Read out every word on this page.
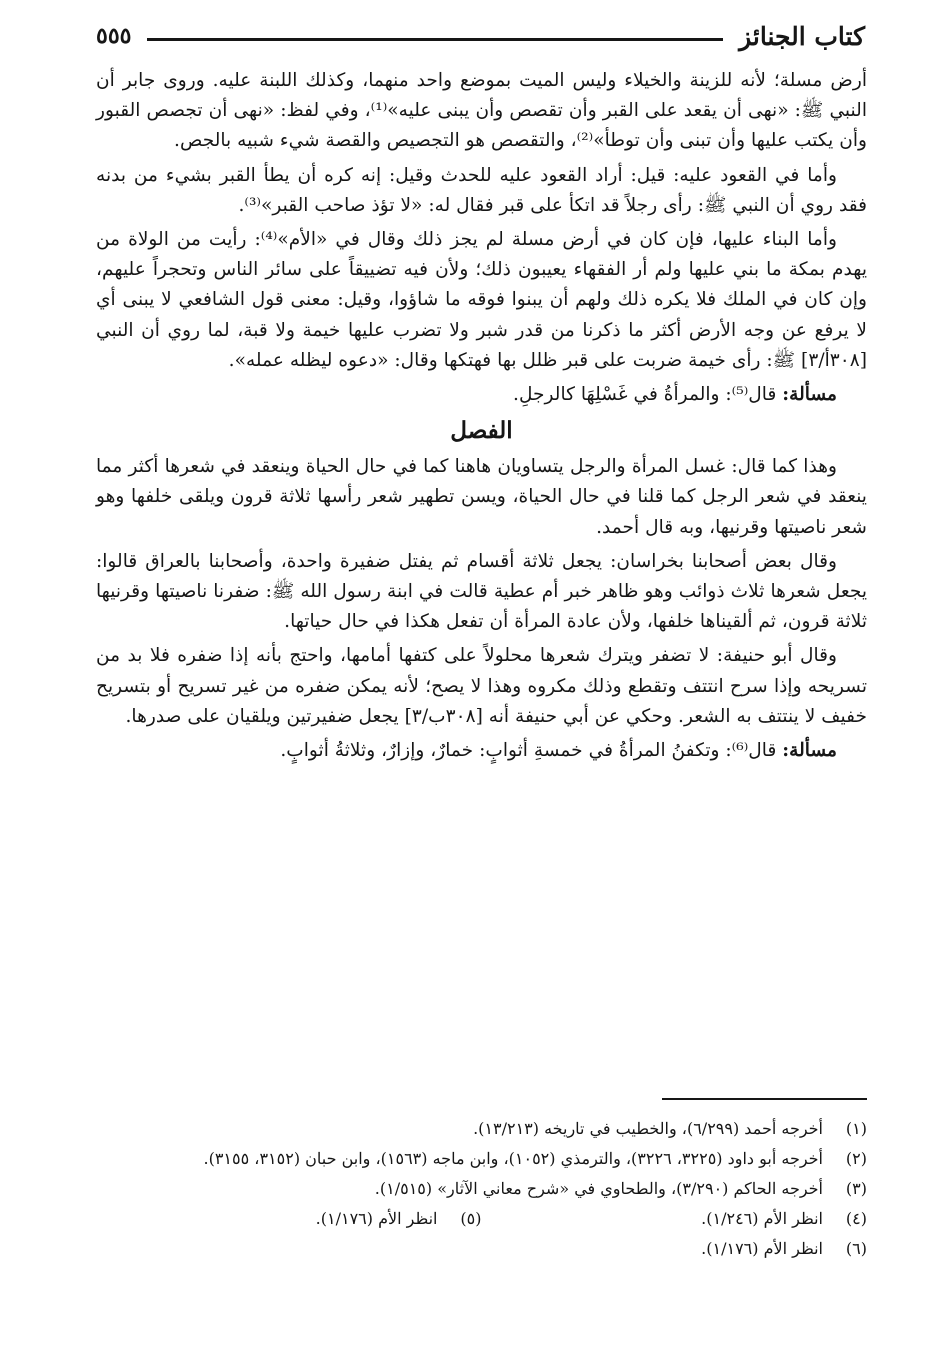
كتاب الجنائز
٥٥٥

أرض مسلة؛ لأنه للزينة والخيلاء وليس الميت بموضع واحد منهما، وكذلك اللبنة عليه. وروى جابر أن النبي ﷺ: «نهى أن يقعد على القبر وأن تقصص وأن يبنى عليه»⁽¹⁾، وفي لفظ: «نهى أن تجصص القبور وأن يكتب عليها وأن تبنى وأن توطأ»⁽²⁾، والتقصص هو التجصيص والقصة شيء شبيه بالجص.

وأما في القعود عليه: قيل: أراد القعود عليه للحدث وقيل: إنه كره أن يطأ القبر بشيء من بدنه فقد روي أن النبي ﷺ: رأى رجلاً قد اتكأ على قبر فقال له: «لا تؤذ صاحب القبر»⁽³⁾.

وأما البناء عليها، فإن كان في أرض مسلة لم يجز ذلك وقال في «الأم»⁽⁴⁾: رأيت من الولاة من يهدم بمكة ما بني عليها ولم أر الفقهاء يعيبون ذلك؛ ولأن فيه تضييقاً على سائر الناس وتحجراً عليهم، وإن كان في الملك فلا يكره ذلك ولهم أن يبنوا فوقه ما شاؤوا، وقيل: معنى قول الشافعي لا يبنى أي لا يرفع عن وجه الأرض أكثر ما ذكرنا من قدر شبر ولا تضرب عليها خيمة ولا قبة، لما روي أن النبي [٣٠٨أ/٣] ﷺ: رأى خيمة ضربت على قبر ظلل بها فهتكها وقال: «دعوه ليظله عمله».

مسألة: قال⁽⁵⁾: والمرأةُ في غَسْلِهَا كالرجلِ.

الفصل

وهذا كما قال: غسل المرأة والرجل يتساويان هاهنا كما في حال الحياة وينعقد في شعرها أكثر مما ينعقد في شعر الرجل كما قلنا في حال الحياة، ويسن تطهير شعر رأسها ثلاثة قرون ويلقى خلفها وهو شعر ناصيتها وقرنيها، وبه قال أحمد.

وقال بعض أصحابنا بخراسان: يجعل ثلاثة أقسام ثم يفتل ضفيرة واحدة، وأصحابنا بالعراق قالوا: يجعل شعرها ثلاث ذوائب وهو ظاهر خبر أم عطية قالت في ابنة رسول الله ﷺ: ضفرنا ناصيتها وقرنيها ثلاثة قرون، ثم ألقيناها خلفها، ولأن عادة المرأة أن تفعل هكذا في حال حياتها.

وقال أبو حنيفة: لا تضفر ويترك شعرها محلولاً على كتفها أمامها، واحتج بأنه إذا ضفره فلا بد من تسريحه وإذا سرح انتتف وتقطع وذلك مكروه وهذا لا يصح؛ لأنه يمكن ضفره من غير تسريح أو بتسريح خفيف لا ينتتف به الشعر. وحكي عن أبي حنيفة أنه [٣٠٨ب/٣] يجعل ضفيرتين ويلقيان على صدرها.

مسألة: قال⁽⁶⁾: وتكفنُ المرأةُ في خمسةِ أثوابٍ: خمارٌ، وإزارٌ، وثلاثةُ أثوابٍ.

(١)
أخرجه أحمد (٦/٢٩٩)، والخطيب في تاريخه (١٣/٢١٣).
(٢)
أخرجه أبو داود (٣٢٢٥، ٣٢٢٦)، والترمذي (١٠٥٢)، وابن ماجه (١٥٦٣)، وابن حبان (٣١٥٢، ٣١٥٥).
(٣)
أخرجه الحاكم (٣/٢٩٠)، والطحاوي في «شرح معاني الآثار» (١/٥١٥).
(٤)
انظر الأم (١/٢٤٦).
(٥)
انظر الأم (١/١٧٦).
(٦)
انظر الأم (١/١٧٦).
